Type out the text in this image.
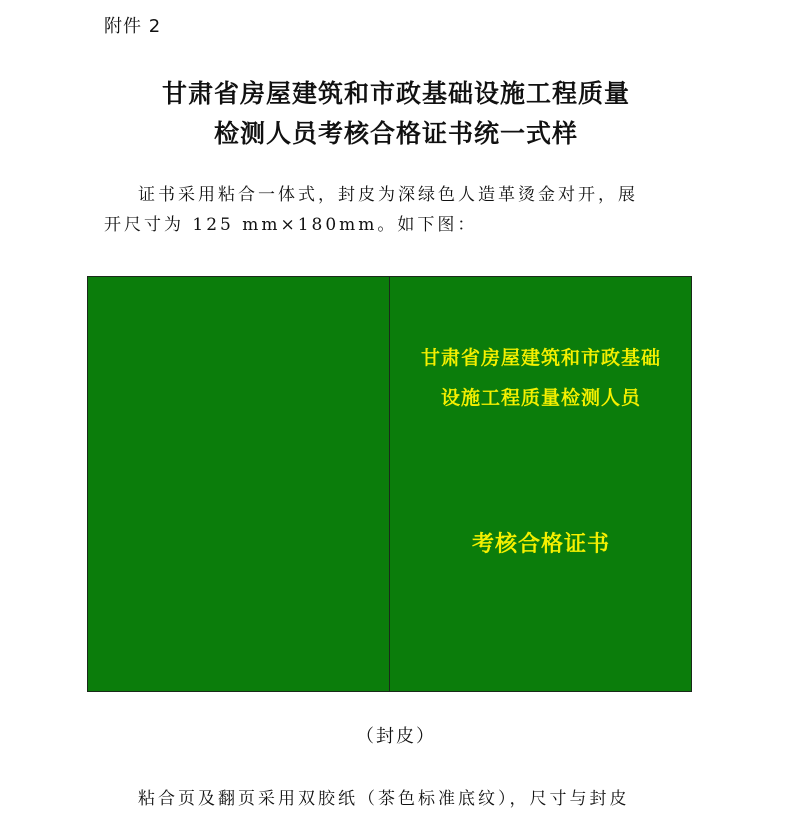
附件 2
甘肃省房屋建筑和市政基础设施工程质量
检测人员考核合格证书统一式样
证书采用粘合一体式，封皮为深绿色人造革烫金对开，展
开尺寸为 125 mm×180mm。如下图：
甘肃省房屋建筑和市政基础
设施工程质量检测人员
考核合格证书
（封皮）
粘合页及翻页采用双胶纸（茶色标准底纹），尺寸与封皮
